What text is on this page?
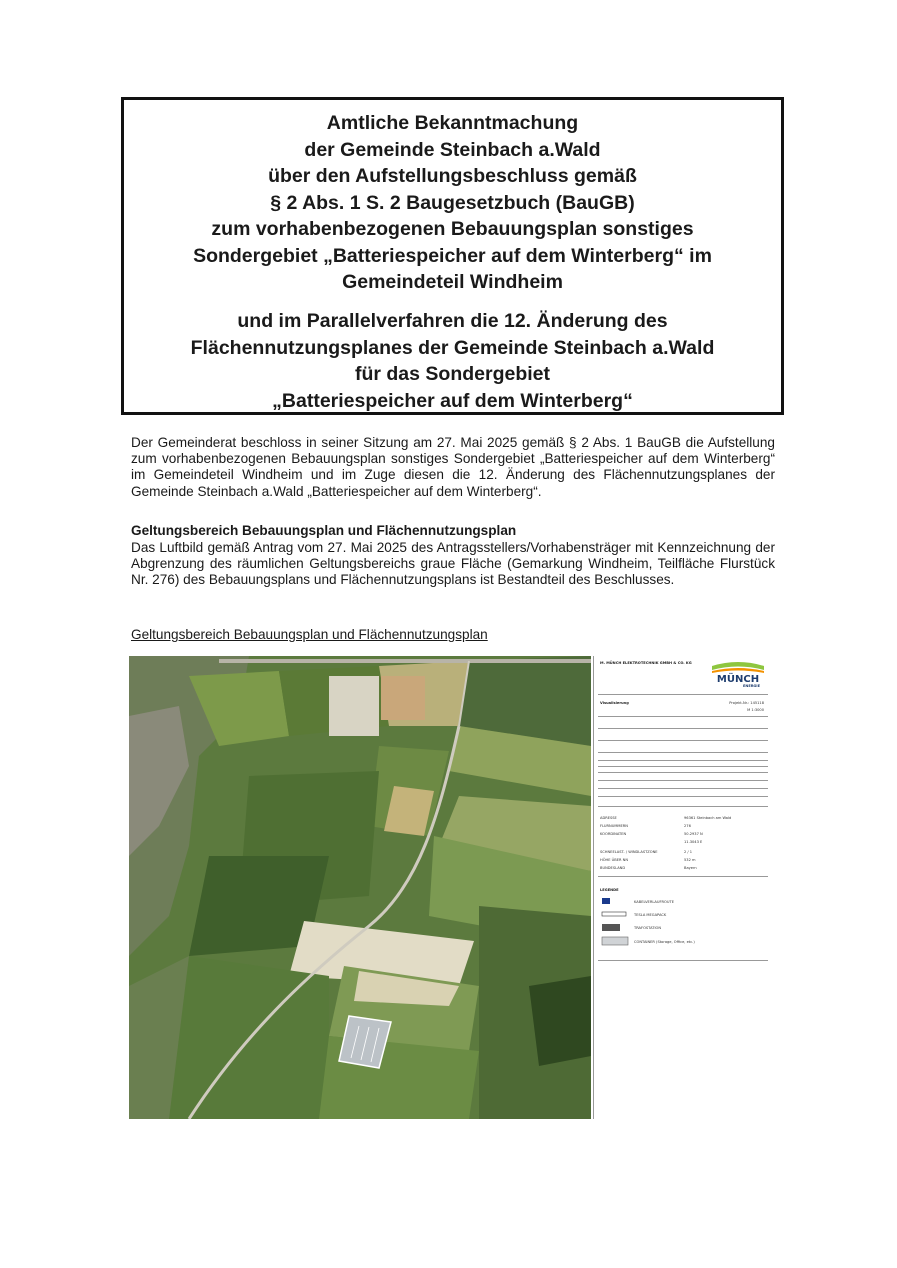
Amtliche Bekanntmachung
der Gemeinde Steinbach a.Wald
über den Aufstellungsbeschluss gemäß
§ 2 Abs. 1 S. 2 Baugesetzbuch (BauGB)
zum vorhabenbezogenen Bebauungsplan sonstiges
Sondergebiet „Batteriespeicher auf dem Winterberg“ im
Gemeindeteil Windheim
und im Parallelverfahren die 12. Änderung des
Flächennutzungsplanes der Gemeinde Steinbach a.Wald
für das Sondergebiet
„Batteriespeicher auf dem Winterberg“
Der Gemeinderat beschloss in seiner Sitzung am 27. Mai 2025 gemäß § 2 Abs. 1 BauGB die Aufstellung zum vorhabenbezogenen Bebauungsplan sonstiges Sondergebiet „Batteriespeicher auf dem Winterberg“ im Gemeindeteil Windheim und im Zuge diesen die 12. Änderung des Flächennutzungsplanes der Gemeinde Steinbach a.Wald „Batteriespeicher auf dem Winterberg“.
Geltungsbereich Bebauungsplan und Flächennutzungsplan
Das Luftbild gemäß Antrag vom 27. Mai 2025 des Antragsstellers/Vorhabensträger mit Kennzeichnung der Abgrenzung des räumlichen Geltungsbereichs graue Fläche (Gemarkung Windheim, Teilfläche Flurstück Nr. 276) des Bebauungsplans und Flächennutzungsplans ist Bestandteil des Beschlusses.
Geltungsbereich Bebauungsplan und Flächennutzungsplan
M. MÜNCH ELEKTROTECHNIK GMBH & CO. KG
MÜNCH
ENERGIE
Visualisierung	Projekt-Nr.: 145118
M 1:3000
ADRESSE
FLURNUMMERN
KOORDINATEN
SCHNEELAST- / WINDLASTZONE
HÖHE ÜBER NN
BUNDESLAND
96361 Steinbach am Wald
276
50.2937 N
11.3043 E
2 / 1
532 m
Bayern
LEGENDE
KABELVERLAUFROUTE
TESLA MEGAPACK
TRAFOSTATION
CONTAINER (Storage, Office, etc.)
